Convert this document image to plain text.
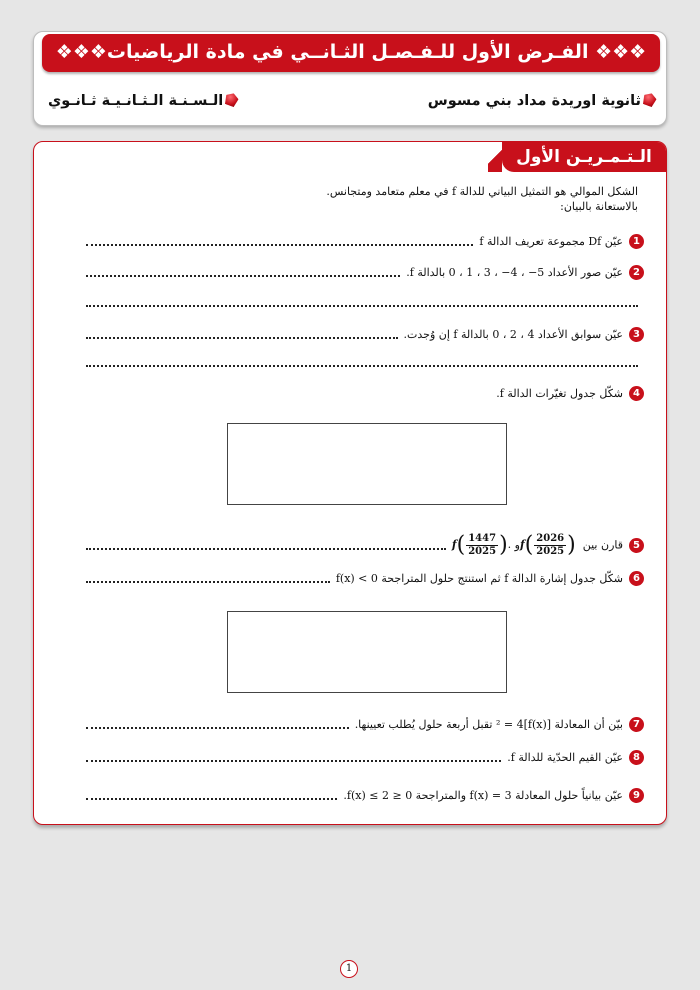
❖❖❖الفـرض الأول للـفـصـل الثـانــي في مادة الرياضيات ❖❖❖
ثانوية اوريدة مداد بني مسوس
الـسـنـة الـثـانـيـة ثـانـوي
الـتـمـريـن الأول
الشكل الموالي هو التمثيل البياني للدالة f في معلم متعامد ومتجانس.
بالاستعانة بالبيان:
1
عيّن Df مجموعة تعريف الدالة f
2
عيّن صور الأعداد 5− ، 4− ، 3 ، 1 ، 0 بالدالة f.
3
عيّن سوابق الأعداد 4 ، 2 ، 0 بالدالة f إن وُجدت.
4
شكّل جدول تغيّرات الدالة f.
5
قارن بين $f( \frac{2026}{2025}$ ) و $f( \frac{1447}{2025}$ ).
6
شكّل جدول إشارة الدالة f ثم استنتج حلول المتراجحة f(x) < 0
7
بيّن أن المعادلة [f(x)]² = 4 تقبل أربعة حلول يُطلب تعيينها.
8
عيّن القيم الحدّية للدالة f.
9
عيّن بيانياً حلول المعادلة f(x) = 3 والمتراجحة 0 ≤ f(x) ≤ 2.
1
